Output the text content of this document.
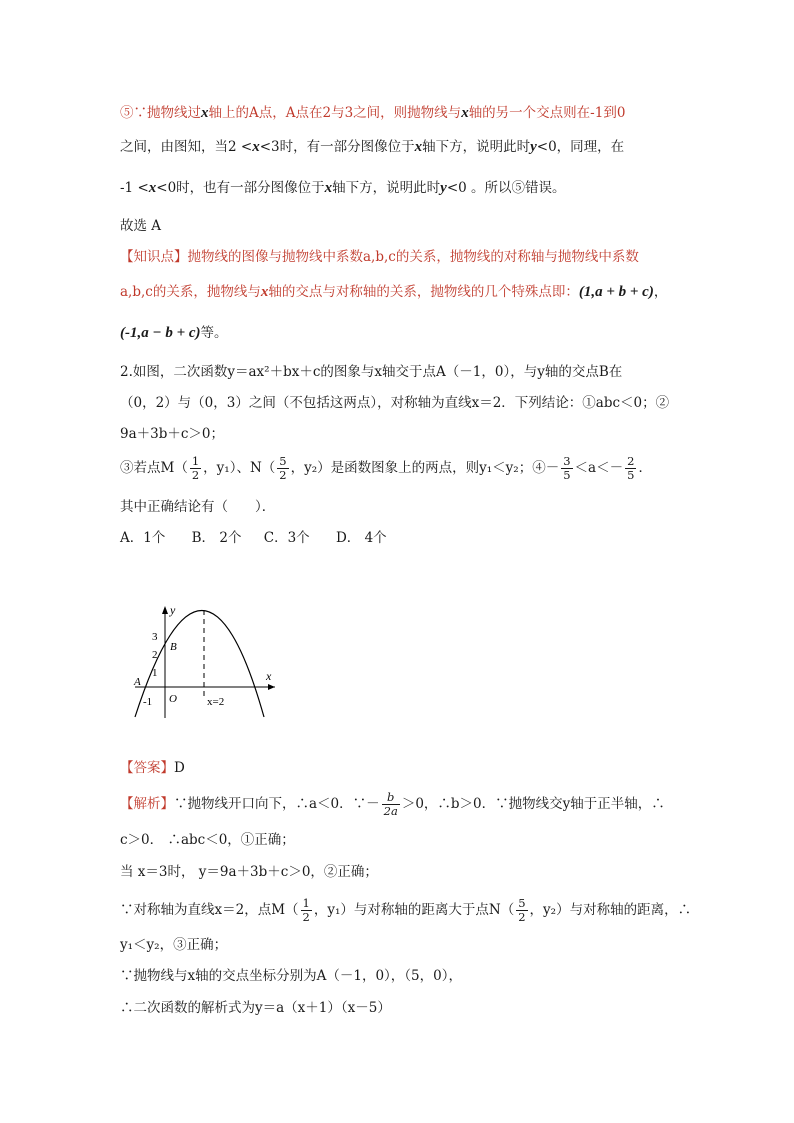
⑤∵抛物线过x轴上的A点，A点在2与3之间，则抛物线与x轴的另一个交点则在-1到0
之间，由图知，当2 <x<3时，有一部分图像位于x轴下方，说明此时y<0，同理，在
-1 <x<0时，也有一部分图像位于x轴下方，说明此时y<0 。所以⑤错误。
故选 A
【知识点】抛物线的图像与抛物线中系数a,b,c的关系，抛物线的对称轴与抛物线中系数
a,b,c的关系，抛物线与x轴的交点与对称轴的关系，抛物线的几个特殊点即：(1,a + b + c)，
(-1,a − b + c)等。
2.如图，二次函数y＝ax²＋bx＋c的图象与x轴交于点A（－1，0），与y轴的交点B在
（0，2）与（0，3）之间（不包括这两点），对称轴为直线x＝2．下列结论：①abc＜0；②
9a＋3b＋c＞0；
③若点$M( \frac{1}{2}$ ，y₁）、$N( \frac{5}{2}$ ，y₂）是函数图象上的两点，则y₁＜y₂；④－ $\frac{3}{5} <a<- \frac{2}{5}$ ．
其中正确结论有（　　）．
A．1个 B． 2个 C．3个 D． 4个
y
x
3
2
1
B
A
O
-1	x=2
【答案】D
【解析】∵抛物线开口向下，∴a＜0．∵－ $\frac{b}{2a} >0$，∴b＞0．∵抛物线交y轴于正半轴，∴
c＞0． ∴abc＜0，①正确；
当 x＝3时， y＝9a＋3b＋c＞0，②正确；
∵对称轴为直线x＝2，点$M( \frac{1}{2}$ ，y₁）与对称轴的距离大于点$N( \frac{5}{2}$ ，y₂）与对称轴的距离，∴
y₁＜y₂，③正确；
∵抛物线与x轴的交点坐标分别为A（－1，0），（5，0），
∴二次函数的解析式为y＝a（x＋1）（x－5）
